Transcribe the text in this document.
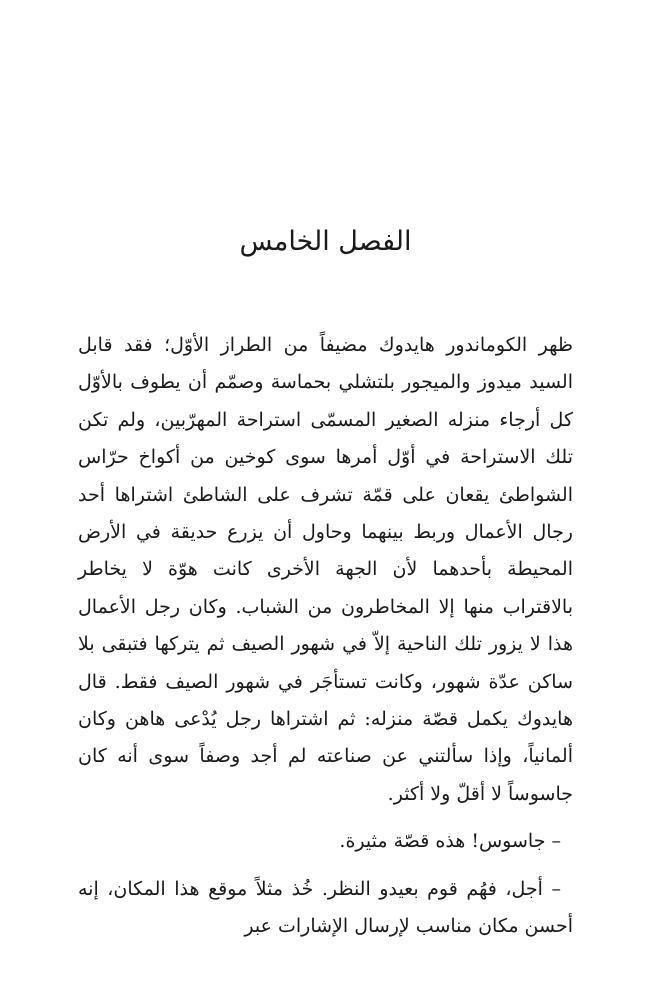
الفصل الخامس

ظهر الكوماندور هايدوك مضيفاً من الطراز الأوّل؛ فقد قابل السيد ميدوز والميجور بلتشلي بحماسة وصمّم أن يطوف بالأوّل كل أرجاء منزله الصغير المسمّى استراحة المهرّبين، ولم تكن تلك الاستراحة في أوّل أمرها سوى كوخين من أكواخ حرّاس الشواطئ يقعان على قمّة تشرف على الشاطئ اشتراها أحد رجال الأعمال وربط بينهما وحاول أن يزرع حديقة في الأرض المحيطة بأحدهما لأن الجهة الأخرى كانت هوّة لا يخاطر بالاقتراب منها إلا المخاطرون من الشباب. وكان رجل الأعمال هذا لا يزور تلك الناحية إلاّ في شهور الصيف ثم يتركها فتبقى بلا ساكن عدّة شهور، وكانت تستأجَر في شهور الصيف فقط. قال هايدوك يكمل قصّة منزله: ثم اشتراها رجل يُدْعى هاهن وكان ألمانياً، وإذا سألتني عن صناعته لم أجد وصفاً سوى أنه كان جاسوساً لا أقلّ ولا أكثر.

– جاسوس! هذه قصّة مثيرة.

– أجل، فهُم قوم بعيدو النظر. خُذ مثلاً موقع هذا المكان، إنه أحسن مكان مناسب لإرسال الإشارات عبر
